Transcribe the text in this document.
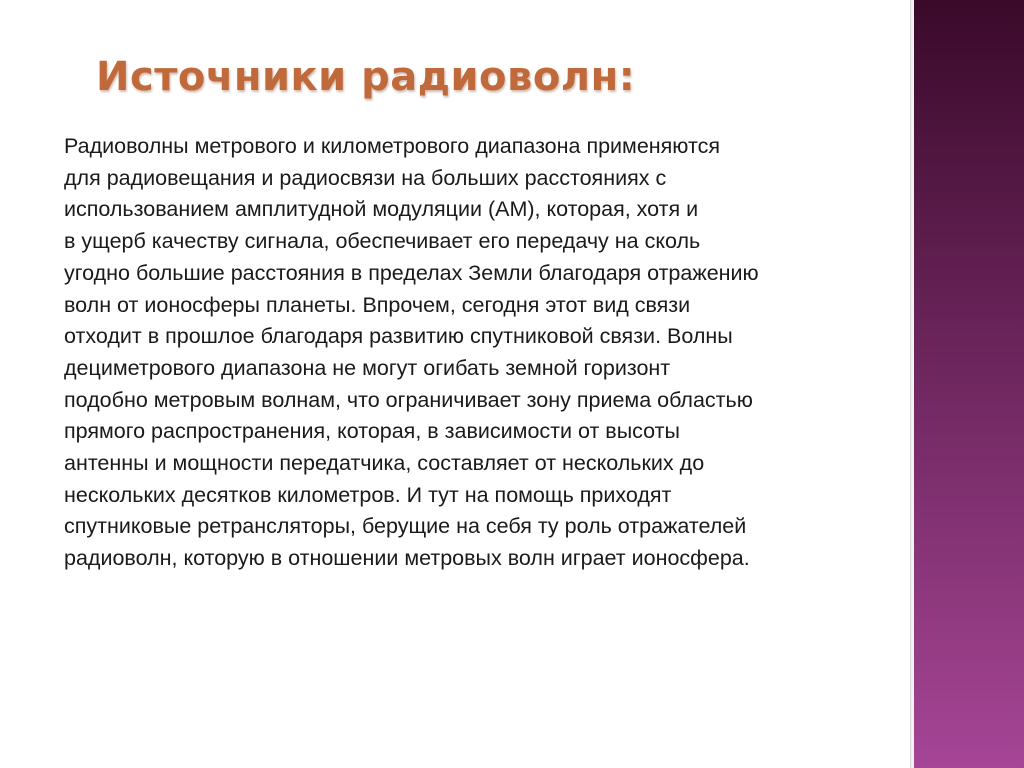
Источники радиоволн:

Радиоволны метрового и километрового диапазона применяются
для радиовещания и радиосвязи на больших расстояниях с
использованием амплитудной модуляции (AM), которая, хотя и
в ущерб качеству сигнала, обеспечивает его передачу на сколь
угодно большие расстояния в пределах Земли благодаря отражению
волн от ионосферы планеты. Впрочем, сегодня этот вид связи
отходит в прошлое благодаря развитию спутниковой связи. Волны
дециметрового диапазона не могут огибать земной горизонт
подобно метровым волнам, что ограничивает зону приема областью
прямого распространения, которая, в зависимости от высоты
антенны и мощности передатчика, составляет от нескольких до
нескольких десятков километров. И тут на помощь приходят
спутниковые ретрансляторы, берущие на себя ту роль отражателей
радиоволн, которую в отношении метровых волн играет ионосфера.
